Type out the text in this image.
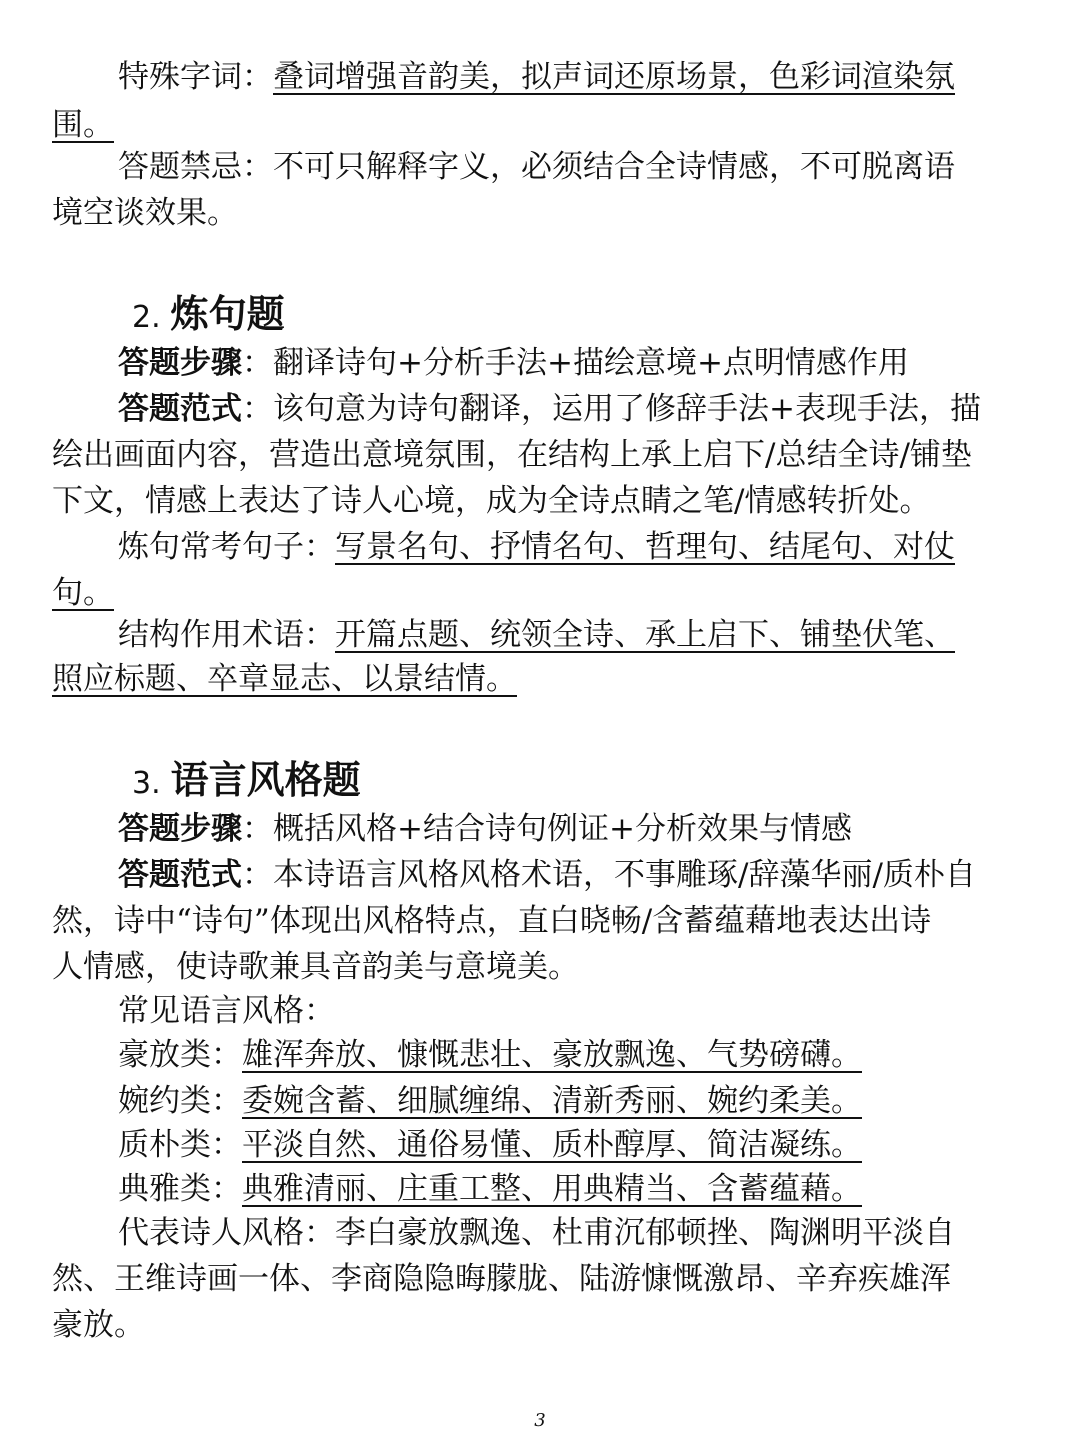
特殊字词：叠词增强音韵美，拟声词还原场景，色彩词渲染氛
围。
答题禁忌：不可只解释字义，必须结合全诗情感，不可脱离语
境空谈效果。
2. 炼句题
答题步骤：翻译诗句+分析手法+描绘意境+点明情感作用
答题范式：该句意为诗句翻译，运用了修辞手法+表现手法，描
绘出画面内容，营造出意境氛围，在结构上承上启下/总结全诗/铺垫
下文，情感上表达了诗人心境，成为全诗点睛之笔/情感转折处。
炼句常考句子：写景名句、抒情名句、哲理句、结尾句、对仗
句。
结构作用术语：开篇点题、统领全诗、承上启下、铺垫伏笔、
照应标题、卒章显志、以景结情。
3. 语言风格题
答题步骤：概括风格+结合诗句例证+分析效果与情感
答题范式：本诗语言风格风格术语，不事雕琢/辞藻华丽/质朴自
然，诗中“诗句”体现出风格特点，直白晓畅/含蓄蕴藉地表达出诗
人情感，使诗歌兼具音韵美与意境美。
常见语言风格：
豪放类：雄浑奔放、慷慨悲壮、豪放飘逸、气势磅礴。
婉约类：委婉含蓄、细腻缠绵、清新秀丽、婉约柔美。
质朴类：平淡自然、通俗易懂、质朴醇厚、简洁凝练。
典雅类：典雅清丽、庄重工整、用典精当、含蓄蕴藉。
代表诗人风格：李白豪放飘逸、杜甫沉郁顿挫、陶渊明平淡自
然、王维诗画一体、李商隐隐晦朦胧、陆游慷慨激昂、辛弃疾雄浑
豪放。
3
